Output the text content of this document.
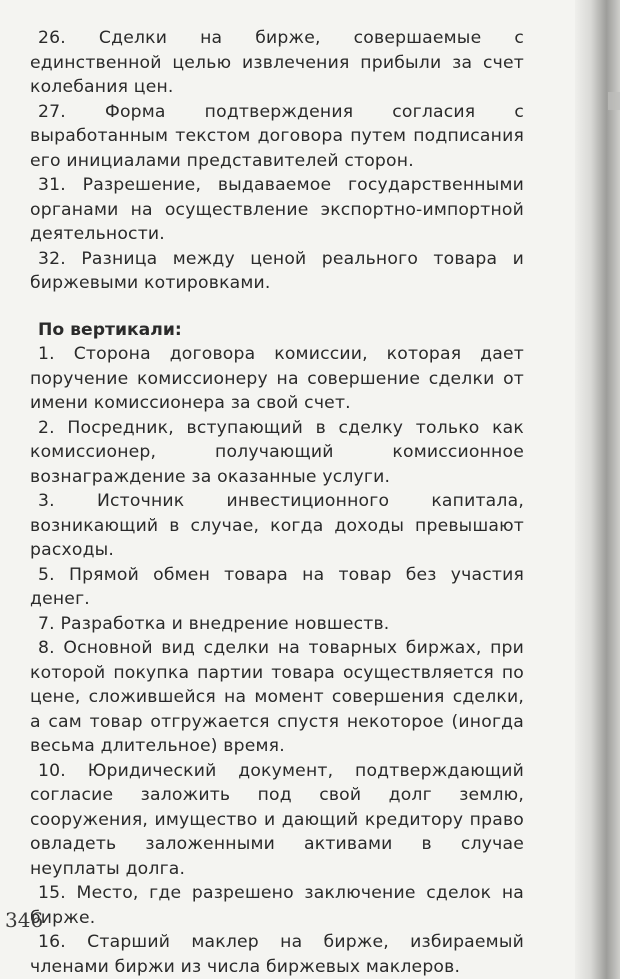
26. Сделки на бирже, совершаемые с единственной целью извлечения прибыли за счет колебания цен.

27. Форма подтверждения согласия с выработанным текстом договора путем подписания его инициалами представителей сторон.

31. Разрешение, выдаваемое государственными органами на осуществление экспортно-импортной деятельности.

32. Разница между ценой реального товара и биржевыми котировками.

По вертикали:

1. Сторона договора комиссии, которая дает поручение комиссионеру на совершение сделки от имени комиссионера за свой счет.

2. Посредник, вступающий в сделку только как комиссионер, получающий комиссионное вознаграждение за оказанные услуги.

3. Источник инвестиционного капитала, возникающий в случае, когда доходы превышают расходы.

5. Прямой обмен товара на товар без участия денег.

7. Разработка и внедрение новшеств.

8. Основной вид сделки на товарных биржах, при которой покупка партии товара осуществляется по цене, сложившейся на момент совершения сделки, а сам товар отгружается спустя некоторое (иногда весьма длительное) время.

10. Юридический документ, подтверждающий согласие заложить под свой долг землю, сооружения, имущество и дающий кредитору право овладеть заложенными активами в случае неуплаты долга.

15. Место, где разрешено заключение сделок на бирже.

16. Старший маклер на бирже, избираемый членами биржи из числа биржевых маклеров.

346
